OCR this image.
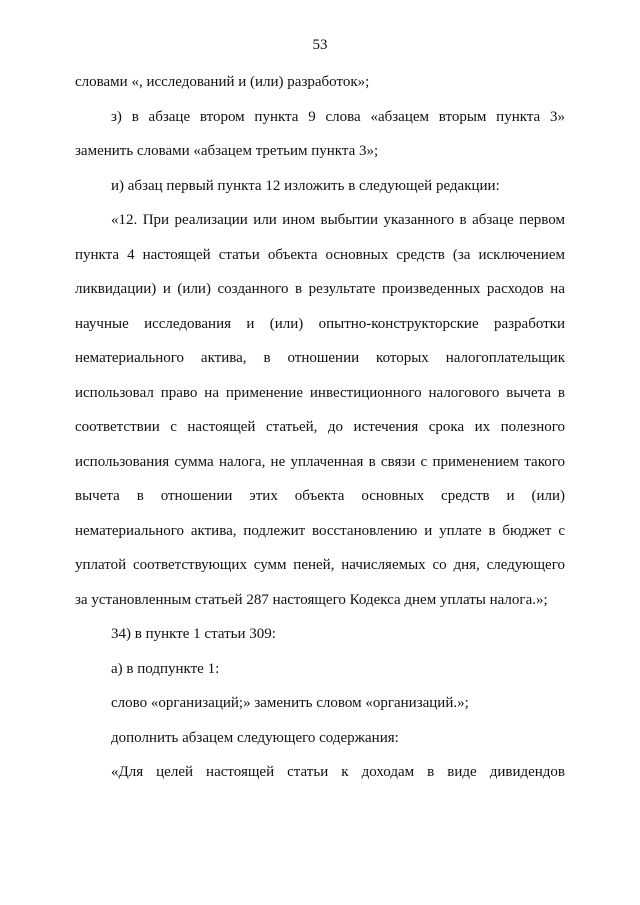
53
словами «, исследований и (или) разработок»;
з) в абзаце втором пункта 9 слова «абзацем вторым пункта 3»
заменить словами «абзацем третьим пункта 3»;
и) абзац первый пункта 12 изложить в следующей редакции:
«12. При реализации или ином выбытии указанного в абзаце первом
пункта 4 настоящей статьи объекта основных средств (за исключением
ликвидации) и (или) созданного в результате произведенных расходов на
научные исследования и (или) опытно-конструкторские разработки
нематериального актива, в отношении которых налогоплательщик
использовал право на применение инвестиционного налогового вычета в
соответствии с настоящей статьей, до истечения срока их полезного
использования сумма налога, не уплаченная в связи с применением такого
вычета в отношении этих объекта основных средств и (или)
нематериального актива, подлежит восстановлению и уплате в бюджет с
уплатой соответствующих сумм пеней, начисляемых со дня, следующего
за установленным статьей 287 настоящего Кодекса днем уплаты налога.»;
34) в пункте 1 статьи 309:
а) в подпункте 1:
слово «организаций;» заменить словом «организаций.»;
дополнить абзацем следующего содержания:
«Для целей настоящей статьи к доходам в виде дивидендов
